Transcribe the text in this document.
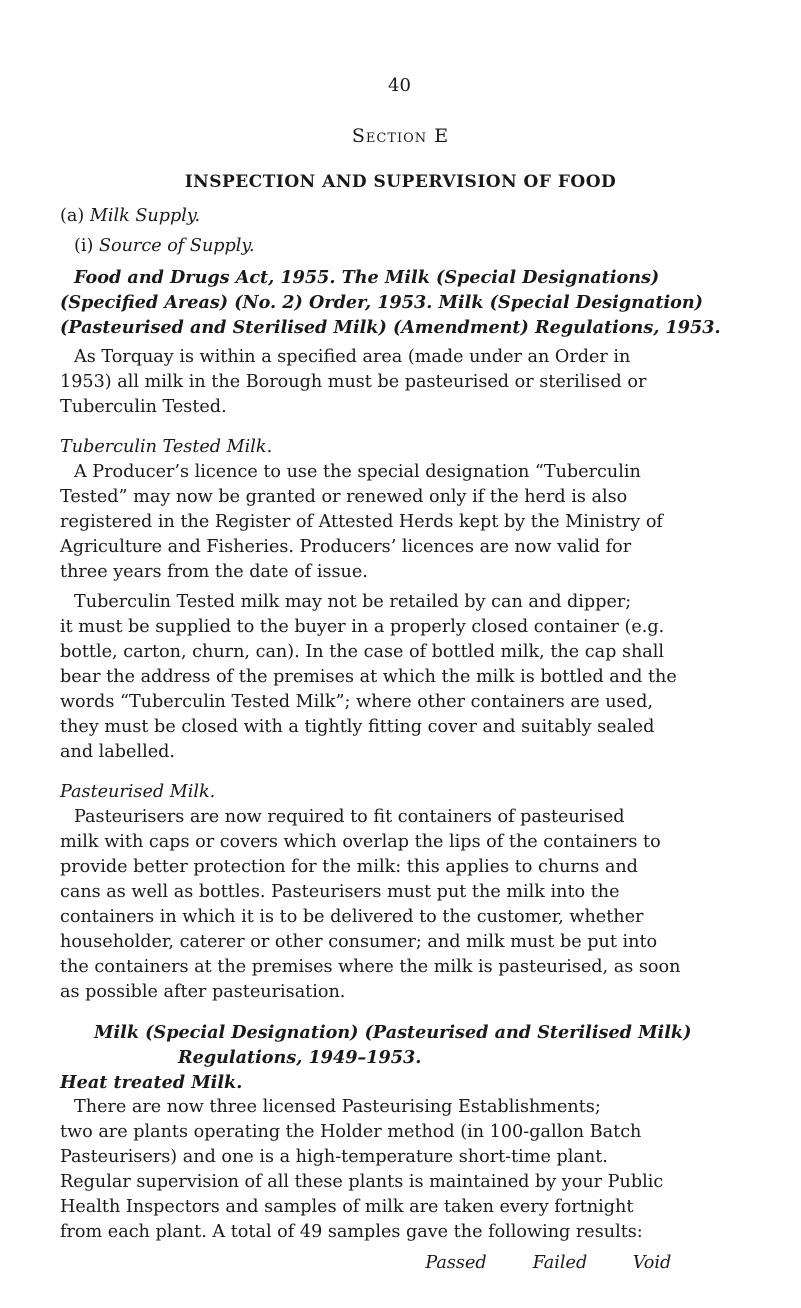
40
Section E
INSPECTION AND SUPERVISION OF FOOD
(a) Milk Supply.
(i) Source of Supply.
Food and Drugs Act, 1955. The Milk (Special Designations)
(Specified Areas) (No. 2) Order, 1953. Milk (Special Designation)
(Pasteurised and Sterilised Milk) (Amendment) Regulations, 1953.
As Torquay is within a specified area (made under an Order in
1953) all milk in the Borough must be pasteurised or sterilised or
Tuberculin Tested.
Tuberculin Tested Milk.
A Producer’s licence to use the special designation “Tuberculin
Tested” may now be granted or renewed only if the herd is also
registered in the Register of Attested Herds kept by the Ministry of
Agriculture and Fisheries. Producers’ licences are now valid for
three years from the date of issue.
Tuberculin Tested milk may not be retailed by can and dipper;
it must be supplied to the buyer in a properly closed container (e.g.
bottle, carton, churn, can). In the case of bottled milk, the cap shall
bear the address of the premises at which the milk is bottled and the
words “Tuberculin Tested Milk”; where other containers are used,
they must be closed with a tightly fitting cover and suitably sealed
and labelled.
Pasteurised Milk.
Pasteurisers are now required to fit containers of pasteurised
milk with caps or covers which overlap the lips of the containers to
provide better protection for the milk: this applies to churns and
cans as well as bottles. Pasteurisers must put the milk into the
containers in which it is to be delivered to the customer, whether
householder, caterer or other consumer; and milk must be put into
the containers at the premises where the milk is pasteurised, as soon
as possible after pasteurisation.
Milk (Special Designation) (Pasteurised and Sterilised Milk)
Regulations, 1949–1953.
Heat treated Milk.
There are now three licensed Pasteurising Establishments;
two are plants operating the Holder method (in 100-gallon Batch
Pasteurisers) and one is a high-temperature short-time plant.
Regular supervision of all these plants is maintained by your Public
Health Inspectors and samples of milk are taken every fortnight
from each plant. A total of 49 samples gave the following results:
	Passed	Failed	Void
